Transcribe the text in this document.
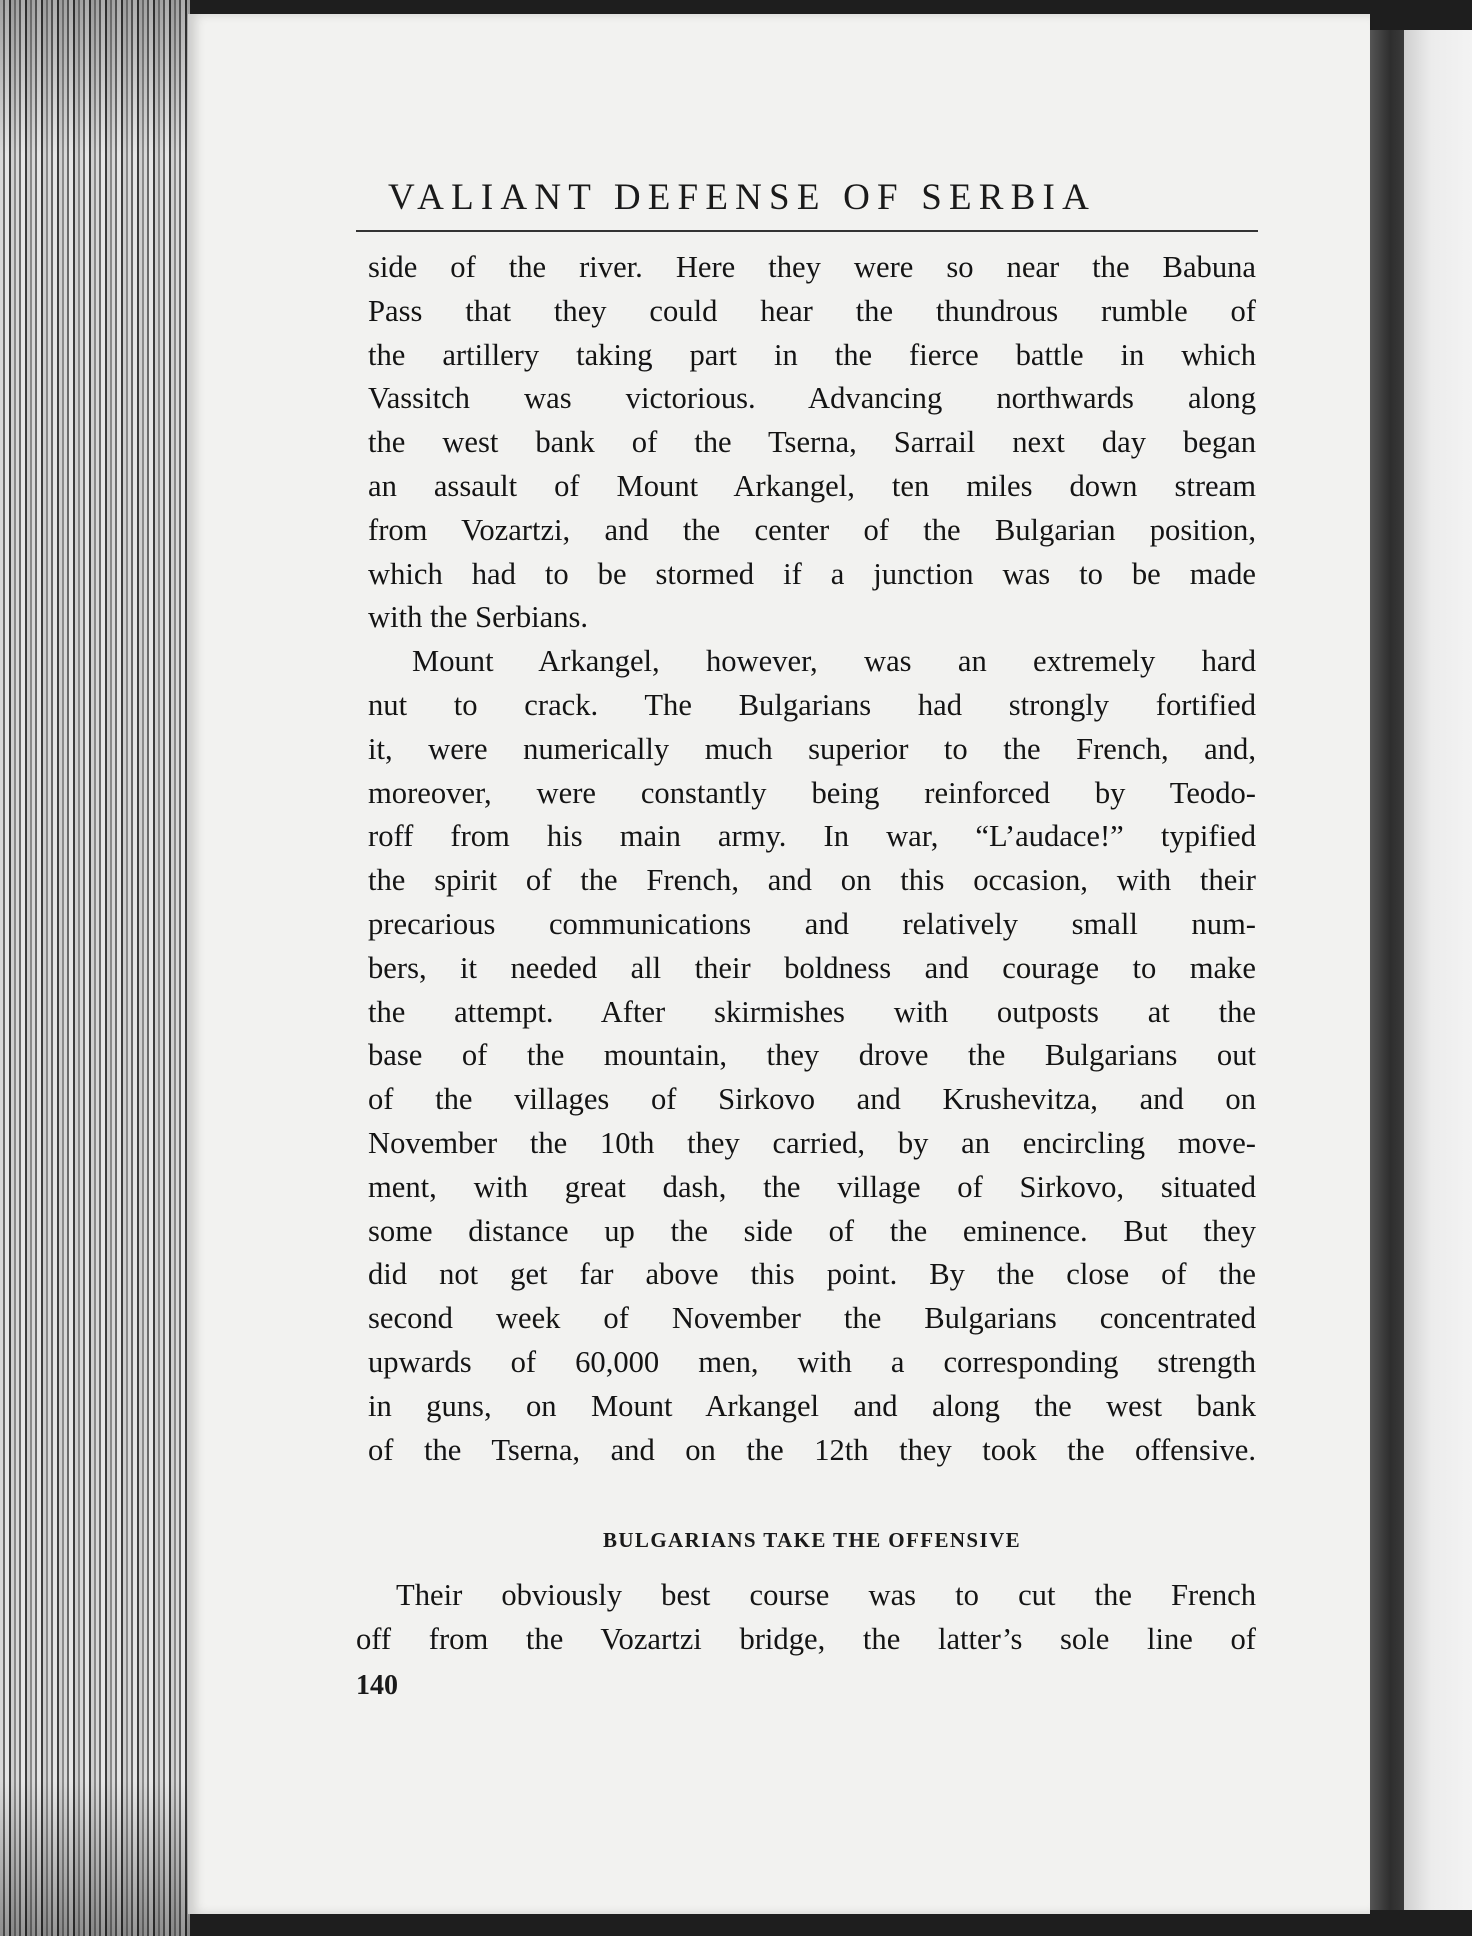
VALIANT DEFENSE OF SERBIA
side of the river. Here they were so near the Babuna
Pass that they could hear the thundrous rumble of
the artillery taking part in the fierce battle in which
Vassitch was victorious. Advancing northwards along
the west bank of the Tserna, Sarrail next day began
an assault of Mount Arkangel, ten miles down stream
from Vozartzi, and the center of the Bulgarian position,
which had to be stormed if a junction was to be made
with the Serbians.
Mount Arkangel, however, was an extremely hard
nut to crack. The Bulgarians had strongly fortified
it, were numerically much superior to the French, and,
moreover, were constantly being reinforced by Teodo-
roff from his main army. In war, “L’audace!” typified
the spirit of the French, and on this occasion, with their
precarious communications and relatively small num-
bers, it needed all their boldness and courage to make
the attempt. After skirmishes with outposts at the
base of the mountain, they drove the Bulgarians out
of the villages of Sirkovo and Krushevitza, and on
November the 10th they carried, by an encircling move-
ment, with great dash, the village of Sirkovo, situated
some distance up the side of the eminence. But they
did not get far above this point. By the close of the
second week of November the Bulgarians concentrated
upwards of 60,000 men, with a corresponding strength
in guns, on Mount Arkangel and along the west bank
of the Tserna, and on the 12th they took the offensive.
BULGARIANS TAKE THE OFFENSIVE
Their obviously best course was to cut the French
off from the Vozartzi bridge, the latter’s sole line of
140
